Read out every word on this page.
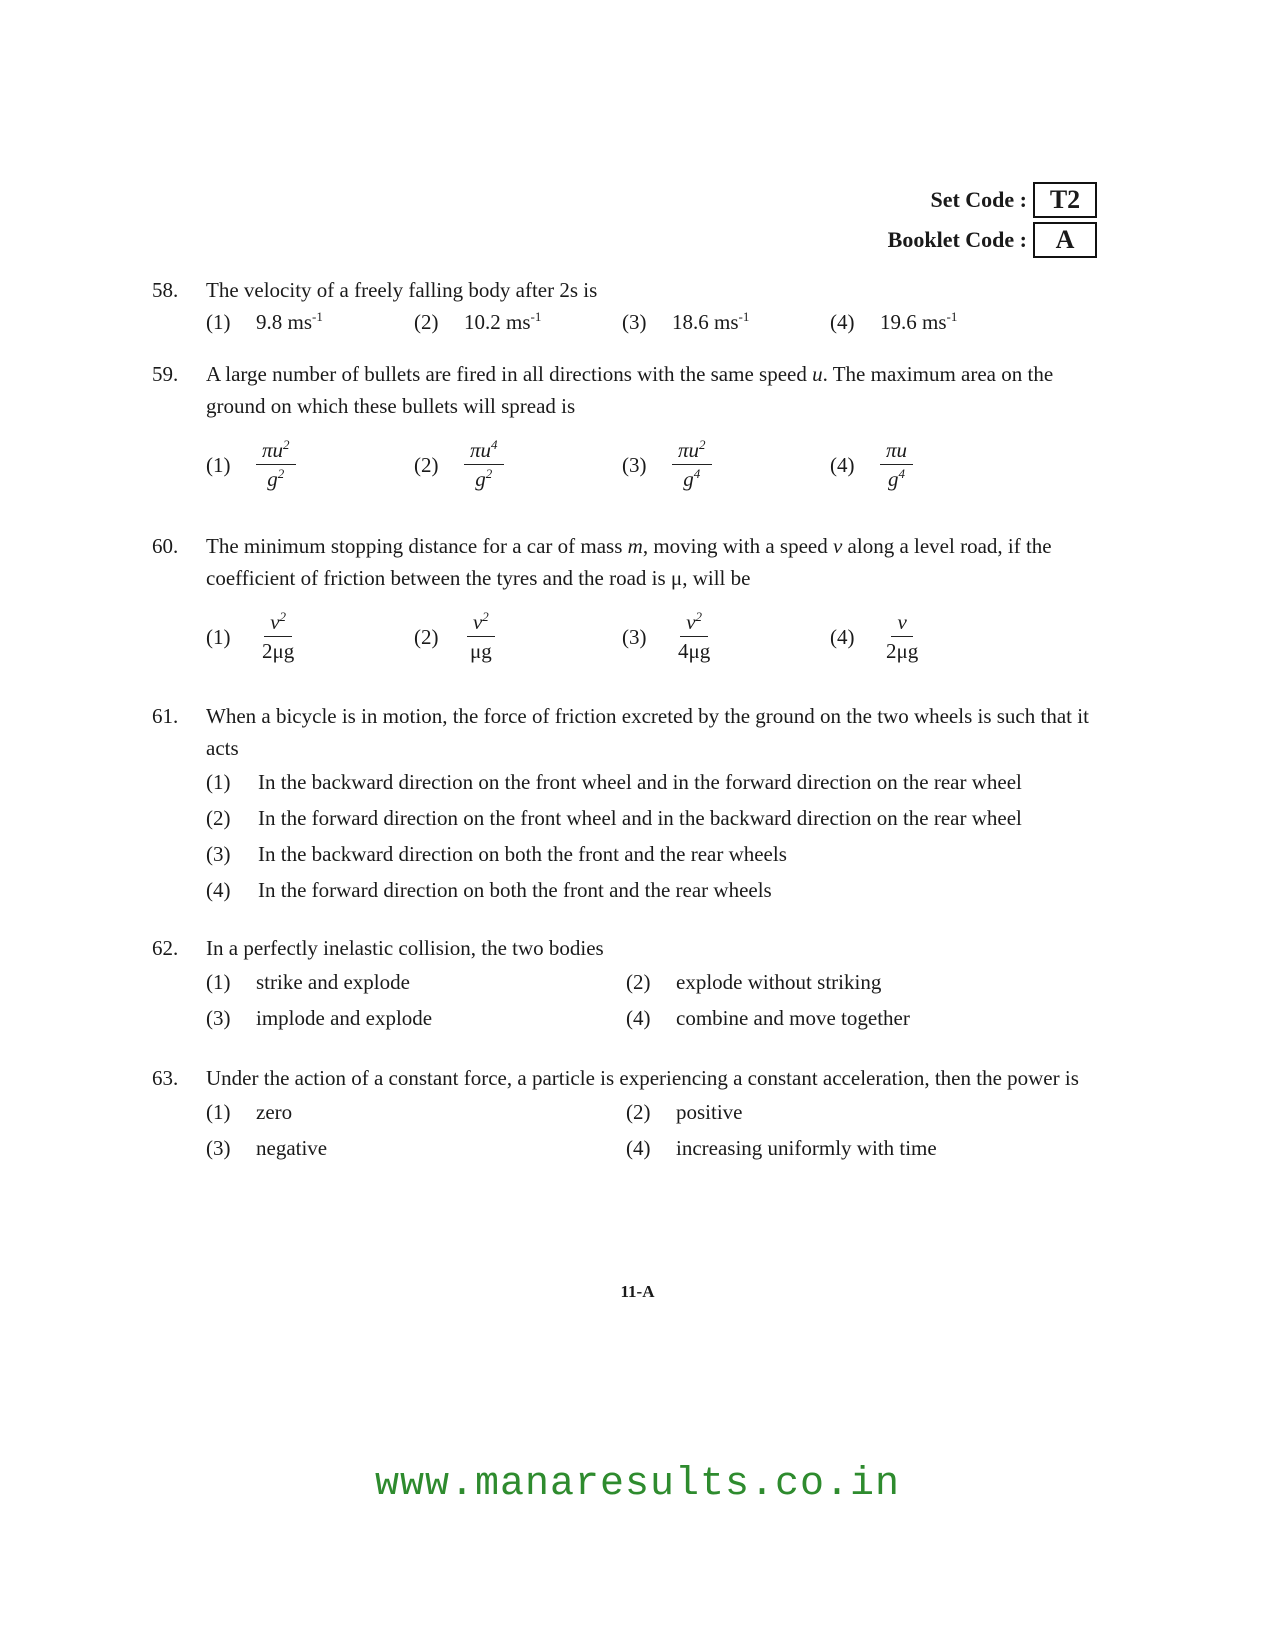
Set Code : T2
Booklet Code :	A
58.	The velocity of a freely falling body after 2s is
(1)	9.8 $ms^{-1}$	(2)	10.2 $ms^{-1}$	(3)	18.6 $ms^{-1}$	(4)	19.6 $ms^{-1}$
59.	A large number of bullets are fired in all directions with the same speed u. The maximum area on the ground on which these bullets will spread is
(1)	$\frac{\pi u^2}{g^2}$	(2)	$\frac{\pi u^4}{g^2}$	(3)	$\frac{\pi u^2}{g^4}$	(4)	$\frac{\pi u}{g^4}$
60.	The minimum stopping distance for a car of mass m, moving with a speed v along a level road, if the coefficient of friction between the tyres and the road is μ, will be
(1)	$\frac{v^2}{2\mu g}$	(2)	$\frac{v^2}{\mu g}$	(3)	$\frac{v^2}{4\mu g}$	(4)	$\frac{v}{2\mu g}$
61.	When a bicycle is in motion, the force of friction excreted by the ground on the two wheels is such that it acts
(1)	In the backward direction on the front wheel and in the forward direction on the rear wheel
(2)	In the forward direction on the front wheel and in the backward direction on the rear wheel
(3)	In the backward direction on both the front and the rear wheels
(4)	In the forward direction on both the front and the rear wheels
62.	In a perfectly inelastic collision, the two bodies
(1)	strike and explode	(2)	explode without striking
(3)	implode and explode	(4)	combine and move together
63.	Under the action of a constant force, a particle is experiencing a constant acceleration, then the power is
(1)	zero	(2)	positive
(3)	negative	(4)	increasing uniformly with time
11-A
www.manaresults.co.in
